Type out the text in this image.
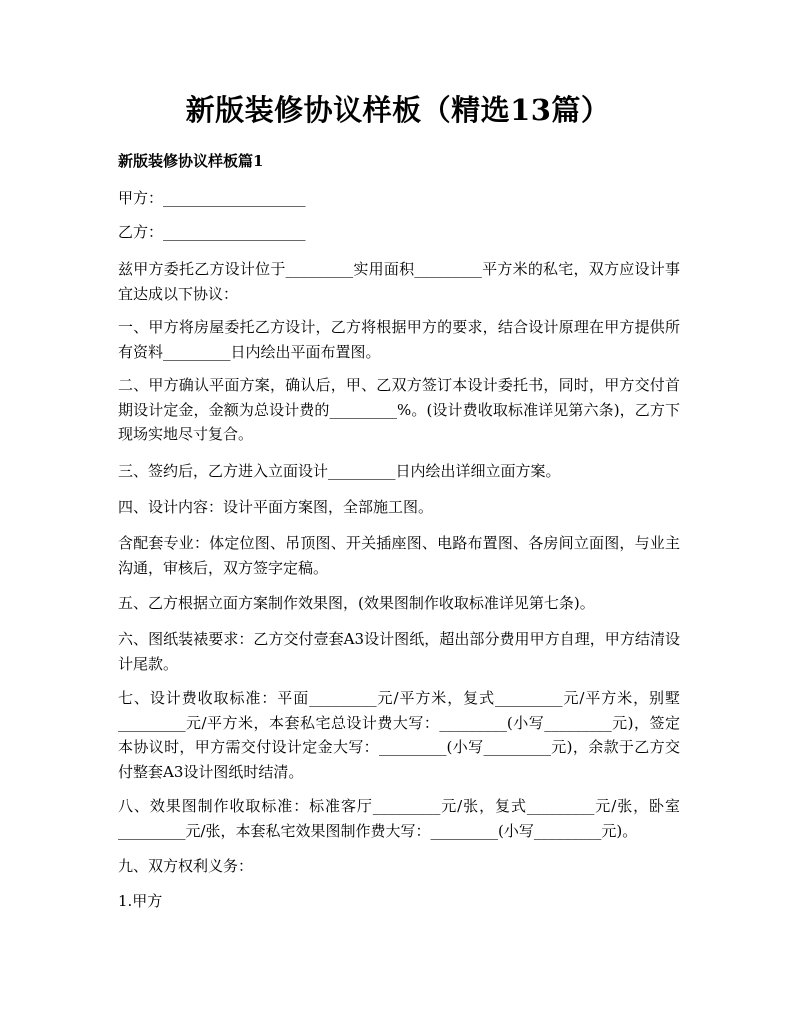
新版装修协议样板（精选13篇）
新版装修协议样板篇1

甲方：___________________

乙方：___________________

兹甲方委托乙方设计位于_________实用面积_________平方米的私宅，双方应设计事宜达成以下协议：

一、甲方将房屋委托乙方设计，乙方将根据甲方的要求，结合设计原理在甲方提供所有资料_________日内绘出平面布置图。

二、甲方确认平面方案，确认后，甲、乙双方签订本设计委托书，同时，甲方交付首期设计定金，金额为总设计费的_________%。(设计费收取标准详见第六条)，乙方下现场实地尽寸复合。

三、签约后，乙方进入立面设计_________日内绘出详细立面方案。

四、设计内容：设计平面方案图，全部施工图。

含配套专业：体定位图、吊顶图、开关插座图、电路布置图、各房间立面图，与业主沟通，审核后，双方签字定稿。

五、乙方根据立面方案制作效果图，(效果图制作收取标准详见第七条)。

六、图纸装裱要求：乙方交付壹套A3设计图纸，超出部分费用甲方自理，甲方结清设计尾款。

七、设计费收取标准：平面_________元/平方米，复式_________元/平方米，别墅_________元/平方米，本套私宅总设计费大写：_________(小写_________元)，签定本协议时，甲方需交付设计定金大写：_________(小写_________元)，余款于乙方交付整套A3设计图纸时结清。

八、效果图制作收取标准：标准客厅_________元/张，复式_________元/张，卧室_________元/张，本套私宅效果图制作费大写：_________(小写_________元)。

九、双方权利义务：

1.甲方
